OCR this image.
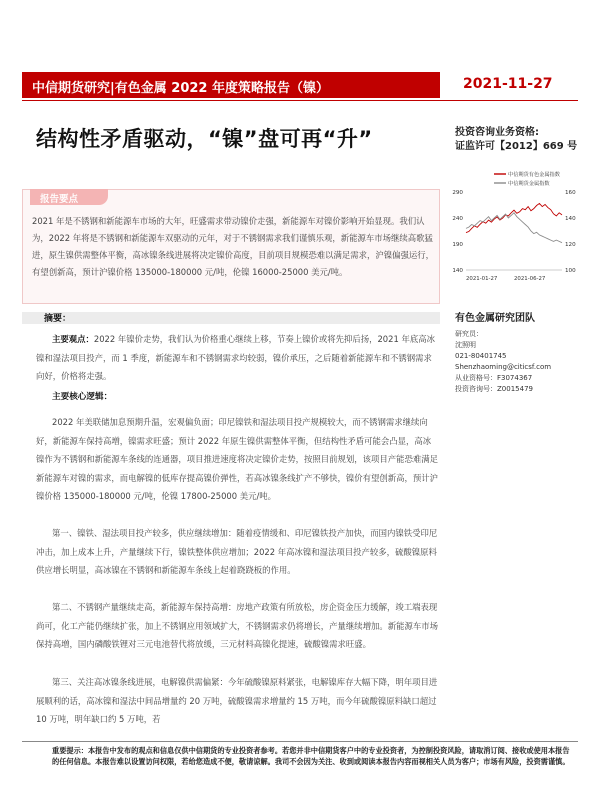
中信期货研究|有色金属 2022 年度策略报告（镍）	2021-11-27
结构性矛盾驱动，“镍”盘可再“升”	投资咨询业务资格:
证监许可【2012】669 号
报告要点
2021 年是不锈钢和新能源车市场的大年，旺盛需求带动镍价走强，新能源车对镍价影响开始显现。我们认为，2022 年将是不锈钢和新能源车双驱动的元年，对于不锈钢需求我们谨慎乐观，新能源车市场继续高歌猛进，原生镍供需整体平衡，高冰镍条线进展将决定镍价高度，目前项目规模恐难以满足需求，沪镍偏强运行，有望创新高，预计沪镍价格 135000-180000 元/吨，伦镍 16000-25000 美元/吨。
摘要：
主要观点：2022 年镍价走势，我们认为价格重心继续上移，节奏上镍价或将先抑后扬，2021 年底高冰镍和湿法项目投产，而 1 季度，新能源车和不锈钢需求均较弱，镍价承压，之后随着新能源车和不锈钢需求向好，价格将走强。
主要核心逻辑：
2022 年美联储加息预期升温，宏观偏负面；印尼镍铁和湿法项目投产规模较大，而不锈钢需求继续向好，新能源车保持高増，镍需求旺盛；预计 2022 年原生镍供需整体平衡，但结构性矛盾可能会凸显，高冰镍作为不锈钢和新能源车条线的连通器，项目推进速度将决定镍价走势，按照目前规划，该项目产能恐难满足新能源车对镍的需求，而电解镍的低库存提高镍价弹性，若高冰镍条线扩产不够快，镍价有望创新高，预计沪镍价格 135000-180000 元/吨，伦镍 17800-25000 美元/吨。
第一、镍铁、湿法项目投产较多，供应继续增加：随着疫情缓和、印尼镍铁投产加快，而国内镍铁受印尼冲击，加上成本上升，产量继续下行，镍铁整体供应增加；2022 年高冰镍和湿法项目投产较多，硫酸镍原料供应增长明显，高冰镍在不锈钢和新能源车条线上起着跷跷板的作用。
第二、不锈钢产量继续走高，新能源车保持高増：房地产政策有所放松，房企资金压力缓解，竣工端表现尚可，化工产能仍继续扩张，加上不锈钢应用领域扩大，不锈钢需求仍将増长，产量继续増加。新能源车市场保持高増，国内磷酸铁锂对三元电池替代将放缓，三元材料高镍化提速，硫酸镍需求旺盛。
第三、关注高冰镍条线进展，电解镍供需偏紧：今年硫酸镍原料紧张，电解镍库存大幅下降，明年项目进展顺利的话，高冰镍和湿法中间品增量约 20 万吨，硫酸镍需求増量约 15 万吨，而今年硫酸镍原料缺口超过 10 万吨，明年缺口约 5 万吨，若
中信期货有色金属指数
中信期货金属指数
140
190
240
290
100
120
140
160
2021-01-27	2021-06-27
有色金属研究团队
研究员：
沈照明
021-80401745
Shenzhaoming@citicsf.com
从业资格号：F3074367
投资咨询号：Z0015479
重要提示：本报告中发布的观点和信息仅供中信期货的专业投资者参考。若您并非中信期货客户中的专业投资者，为控制投资风险，请取消订阅、接收或使用本报告的任何信息。本报告难以设置访问权限，若给您造成不便，敬请谅解。我司不会因为关注、收到或阅读本报告内容而视相关人员为客户；市场有风险，投资需谨慎。
